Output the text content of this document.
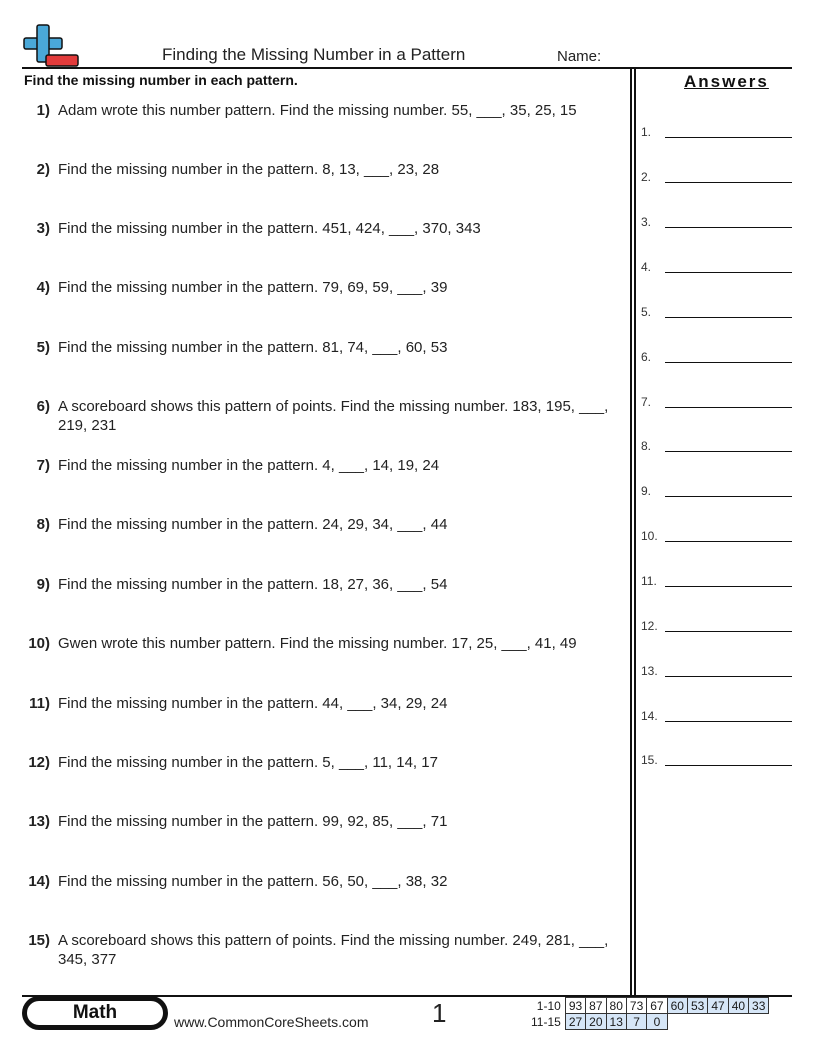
Finding the Missing Number in a Pattern	Name:
Find the missing number in each pattern.	Answers
1) Adam wrote this number pattern. Find the missing number. 55, ___, 35, 25, 15
2) Find the missing number in the pattern. 8, 13, ___, 23, 28
3) Find the missing number in the pattern. 451, 424, ___, 370, 343
4) Find the missing number in the pattern. 79, 69, 59, ___, 39
5) Find the missing number in the pattern. 81, 74, ___, 60, 53
6) A scoreboard shows this pattern of points. Find the missing number. 183, 195, ___, 219, 231
7) Find the missing number in the pattern. 4, ___, 14, 19, 24
8) Find the missing number in the pattern. 24, 29, 34, ___, 44
9) Find the missing number in the pattern. 18, 27, 36, ___, 54
10) Gwen wrote this number pattern. Find the missing number. 17, 25, ___, 41, 49
11) Find the missing number in the pattern. 44, ___, 34, 29, 24
12) Find the missing number in the pattern. 5, ___, 11, 14, 17
13) Find the missing number in the pattern. 99, 92, 85, ___, 71
14) Find the missing number in the pattern. 56, 50, ___, 38, 32
15) A scoreboard shows this pattern of points. Find the missing number. 249, 281, ___, 345, 377
1.
2.
3.
4.
5.
6.
7.
8.
9.
10.
11.
12.
13.
14.
15.
Math	www.CommonCoreSheets.com 1	1-10	93	87	80	73	67	60	53	47	40	33
11-15	27	20	13	7	0					
